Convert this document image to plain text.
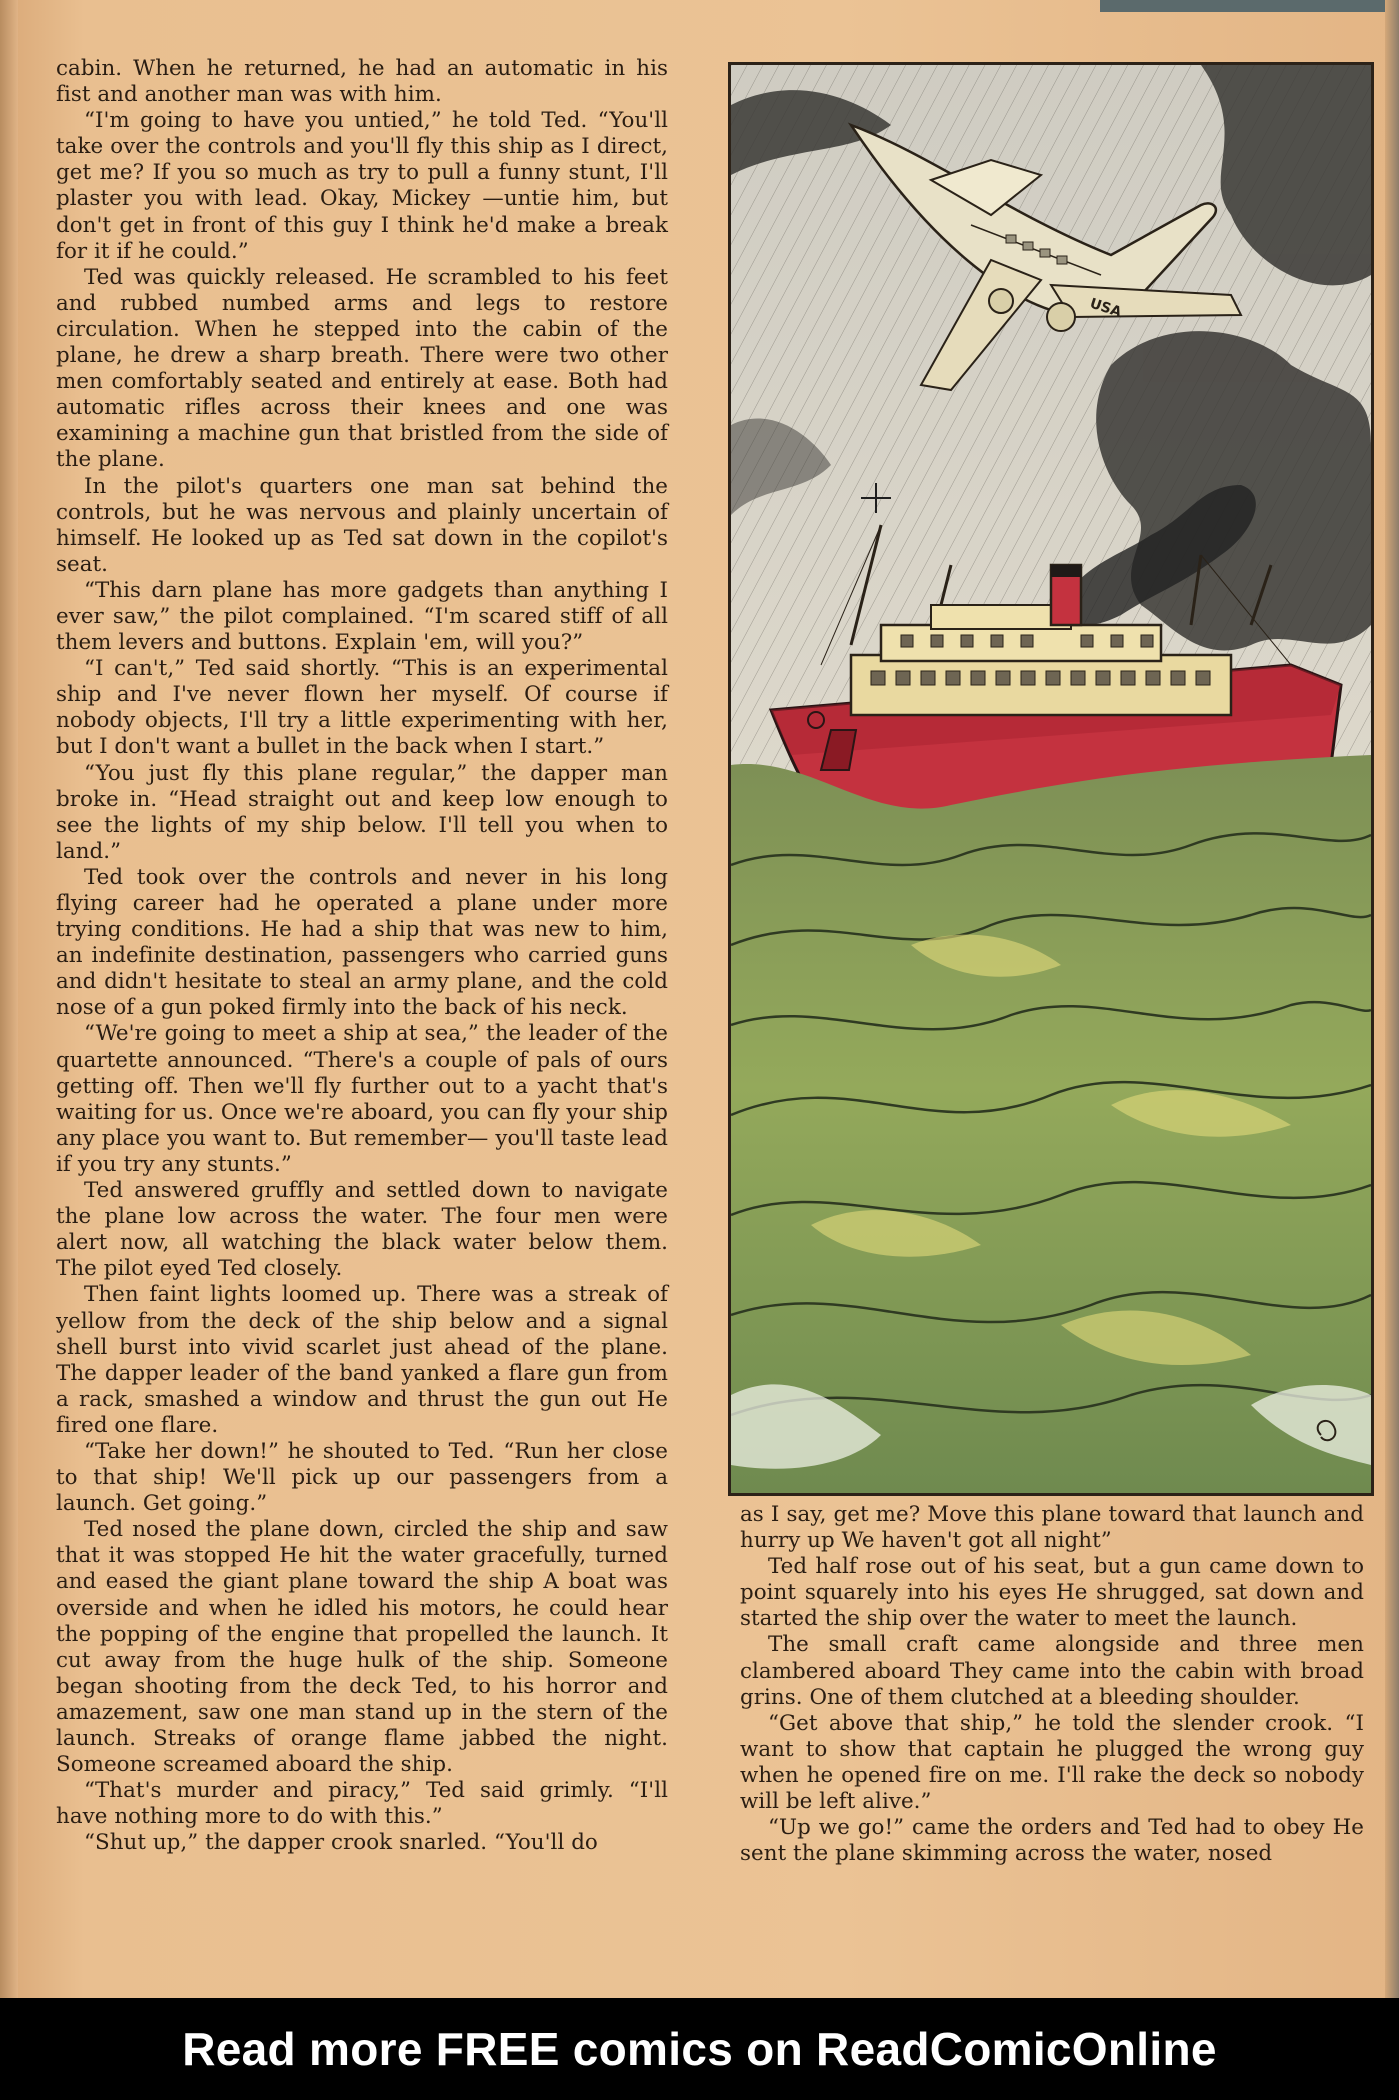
cabin. When he returned, he had an automatic in his fist and another man was with him.

“I'm going to have you untied,” he told Ted. “You'll take over the controls and you'll fly this ship as I direct, get me? If you so much as try to pull a funny stunt, I'll plaster you with lead. Okay, Mickey —untie him, but don't get in front of this guy I think he'd make a break for it if he could.”

Ted was quickly released. He scrambled to his feet and rubbed numbed arms and legs to restore circulation. When he stepped into the cabin of the plane, he drew a sharp breath. There were two other men comfortably seated and entirely at ease. Both had automatic rifles across their knees and one was examining a machine gun that bristled from the side of the plane.

In the pilot's quarters one man sat behind the controls, but he was nervous and plainly uncertain of himself. He looked up as Ted sat down in the copilot's seat.

“This darn plane has more gadgets than anything I ever saw,” the pilot complained. “I'm scared stiff of all them levers and buttons. Explain 'em, will you?”

“I can't,” Ted said shortly. “This is an experimental ship and I've never flown her myself. Of course if nobody objects, I'll try a little experimenting with her, but I don't want a bullet in the back when I start.”

“You just fly this plane regular,” the dapper man broke in. “Head straight out and keep low enough to see the lights of my ship below. I'll tell you when to land.”

Ted took over the controls and never in his long flying career had he operated a plane under more trying conditions. He had a ship that was new to him, an indefinite destination, passengers who carried guns and didn't hesitate to steal an army plane, and the cold nose of a gun poked firmly into the back of his neck.

“We're going to meet a ship at sea,” the leader of the quartette announced. “There's a couple of pals of ours getting off. Then we'll fly further out to a yacht that's waiting for us. Once we're aboard, you can fly your ship any place you want to. But remember— you'll taste lead if you try any stunts.”

Ted answered gruffly and settled down to navigate the plane low across the water. The four men were alert now, all watching the black water below them. The pilot eyed Ted closely.

Then faint lights loomed up. There was a streak of yellow from the deck of the ship below and a signal shell burst into vivid scarlet just ahead of the plane. The dapper leader of the band yanked a flare gun from a rack, smashed a window and thrust the gun out He fired one flare.

“Take her down!” he shouted to Ted. “Run her close to that ship! We'll pick up our passengers from a launch. Get going.”

Ted nosed the plane down, circled the ship and saw that it was stopped He hit the water gracefully, turned and eased the giant plane toward the ship A boat was overside and when he idled his motors, he could hear the popping of the engine that propelled the launch. It cut away from the huge hulk of the ship. Someone began shooting from the deck Ted, to his horror and amazement, saw one man stand up in the stern of the launch. Streaks of orange flame jabbed the night. Someone screamed aboard the ship.

“That's murder and piracy,” Ted said grimly. “I'll have nothing more to do with this.”

“Shut up,” the dapper crook snarled. “You'll do

USA

as I say, get me? Move this plane toward that launch and hurry up We haven't got all night”

Ted half rose out of his seat, but a gun came down to point squarely into his eyes He shrugged, sat down and started the ship over the water to meet the launch.

The small craft came alongside and three men clambered aboard They came into the cabin with broad grins. One of them clutched at a bleeding shoulder.

“Get above that ship,” he told the slender crook. “I want to show that captain he plugged the wrong guy when he opened fire on me. I'll rake the deck so nobody will be left alive.”

“Up we go!” came the orders and Ted had to obey He sent the plane skimming across the water, nosed

Read more FREE comics on ReadComicOnline
